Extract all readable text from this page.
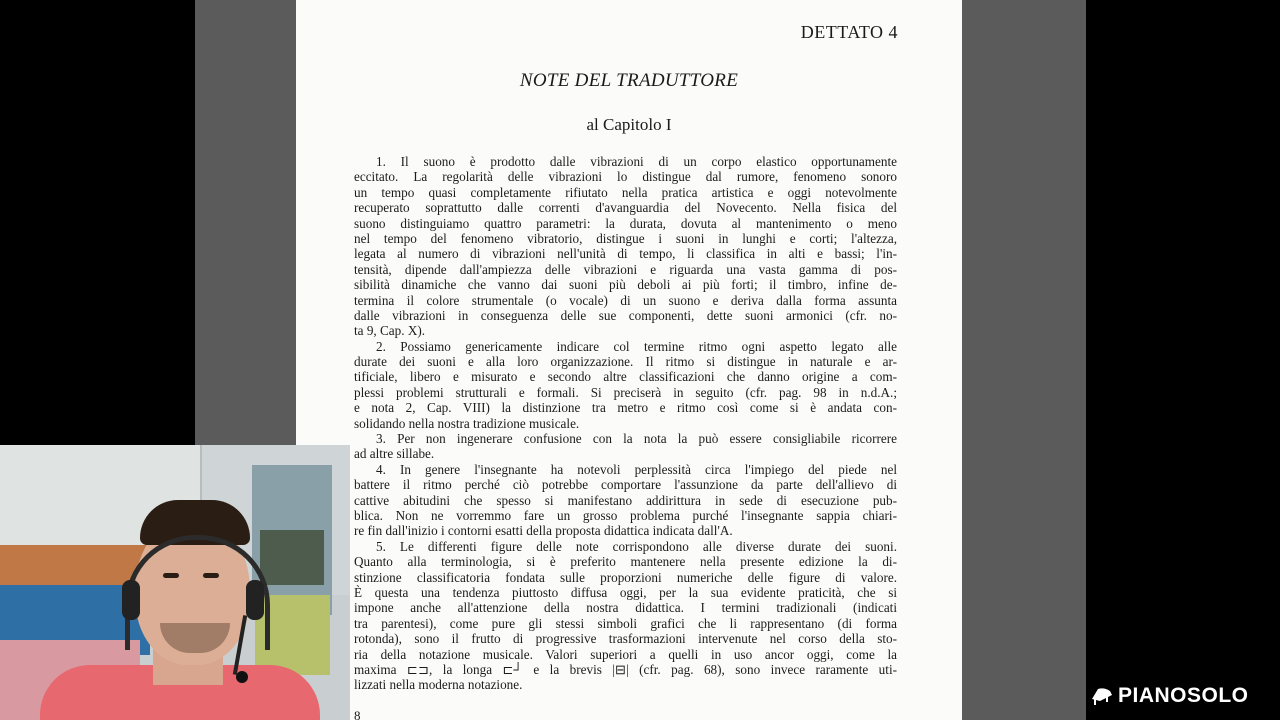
DETTATO 4
NOTE DEL TRADUTTORE
al Capitolo I
1. Il suono è prodotto dalle vibrazioni di un corpo elastico opportunamente
eccitato. La regolarità delle vibrazioni lo distingue dal rumore, fenomeno sonoro
un tempo quasi completamente rifiutato nella pratica artistica e oggi notevolmente
recuperato soprattutto dalle correnti d'avanguardia del Novecento. Nella fisica del
suono distinguiamo quattro parametri: la durata, dovuta al mantenimento o meno
nel tempo del fenomeno vibratorio, distingue i suoni in lunghi e corti; l'altezza,
legata al numero di vibrazioni nell'unità di tempo, li classifica in alti e bassi; l'in-
tensità, dipende dall'ampiezza delle vibrazioni e riguarda una vasta gamma di pos-
sibilità dinamiche che vanno dai suoni più deboli ai più forti; il timbro, infine de-
termina il colore strumentale (o vocale) di un suono e deriva dalla forma assunta
dalle vibrazioni in conseguenza delle sue componenti, dette suoni armonici (cfr. no-
ta 9, Cap. X).
2. Possiamo genericamente indicare col termine ritmo ogni aspetto legato alle
durate dei suoni e alla loro organizzazione. Il ritmo si distingue in naturale e ar-
tificiale, libero e misurato e secondo altre classificazioni che danno origine a com-
plessi problemi strutturali e formali. Si preciserà in seguito (cfr. pag. 98 in n.d.A.;
e nota 2, Cap. VIII) la distinzione tra metro e ritmo così come si è andata con-
solidando nella nostra tradizione musicale.
3. Per non ingenerare confusione con la nota la può essere consigliabile ricorrere
ad altre sillabe.
4. In genere l'insegnante ha notevoli perplessità circa l'impiego del piede nel
battere il ritmo perché ciò potrebbe comportare l'assunzione da parte dell'allievo di
cattive abitudini che spesso si manifestano addirittura in sede di esecuzione pub-
blica. Non ne vorremmo fare un grosso problema purché l'insegnante sappia chiari-
re fin dall'inizio i contorni esatti della proposta didattica indicata dall'A.
5. Le differenti figure delle note corrispondono alle diverse durate dei suoni.
Quanto alla terminologia, si è preferito mantenere nella presente edizione la di-
stinzione classificatoria fondata sulle proporzioni numeriche delle figure di valore.
È questa una tendenza piuttosto diffusa oggi, per la sua evidente praticità, che si
impone anche all'attenzione della nostra didattica. I termini tradizionali (indicati
tra parentesi), come pure gli stessi simboli grafici che li rappresentano (di forma
rotonda), sono il frutto di progressive trasformazioni intervenute nel corso della sto-
ria della notazione musicale. Valori superiori a quelli in uso ancor oggi, come la
maxima ⊏⊐, la longa ⊏┘ e la brevis |⊟| (cfr. pag. 68), sono invece raramente uti-
lizzati nella moderna notazione.
8
PIANOSOLO
